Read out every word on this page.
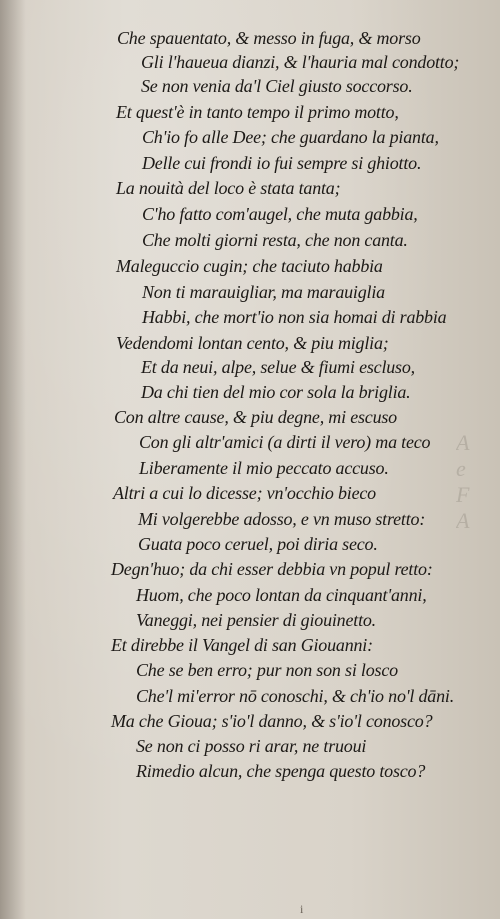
A
e
F
A
Che spauentato, & messo in fuga, & morso
Gli l'haueua dianzi, & l'hauria mal condotto;
Se non venia da'l Ciel giusto soccorso.
Et quest'è in tanto tempo il primo motto,
Ch'io fo alle Dee; che guardano la pianta,
Delle cui frondi io fui sempre si ghiotto.
La nouità del loco è stata tanta;
C'ho fatto com'augel, che muta gabbia,
Che molti giorni resta, che non canta.
Maleguccio cugin; che taciuto habbia
Non ti marauigliar, ma marauiglia
Habbi, che mort'io non sia homai di rabbia
Vedendomi lontan cento, & piu miglia;
Et da neui, alpe, selue & fiumi escluso,
Da chi tien del mio cor sola la briglia.
Con altre cause, & piu degne, mi escuso
Con gli altr'amici (a dirti il vero) ma teco
Liberamente il mio peccato accuso.
Altri a cui lo dicesse; vn'occhio bieco
Mi volgerebbe adosso, e vn muso stretto:
Guata poco ceruel, poi diria seco.
Degn'huo; da chi esser debbia vn popul retto:
Huom, che poco lontan da cinquant'anni,
Vaneggi, nei pensier di giouinetto.
Et direbbe il Vangel di san Giouanni:
Che se ben erro; pur non son si losco
Che'l mi'error nō conoschi, & ch'io no'l dāni.
Ma che Gioua; s'io'l danno, & s'io'l conosco?
Se non ci posso ri arar, ne truoui
Rimedio alcun, che spenga questo tosco?
i
